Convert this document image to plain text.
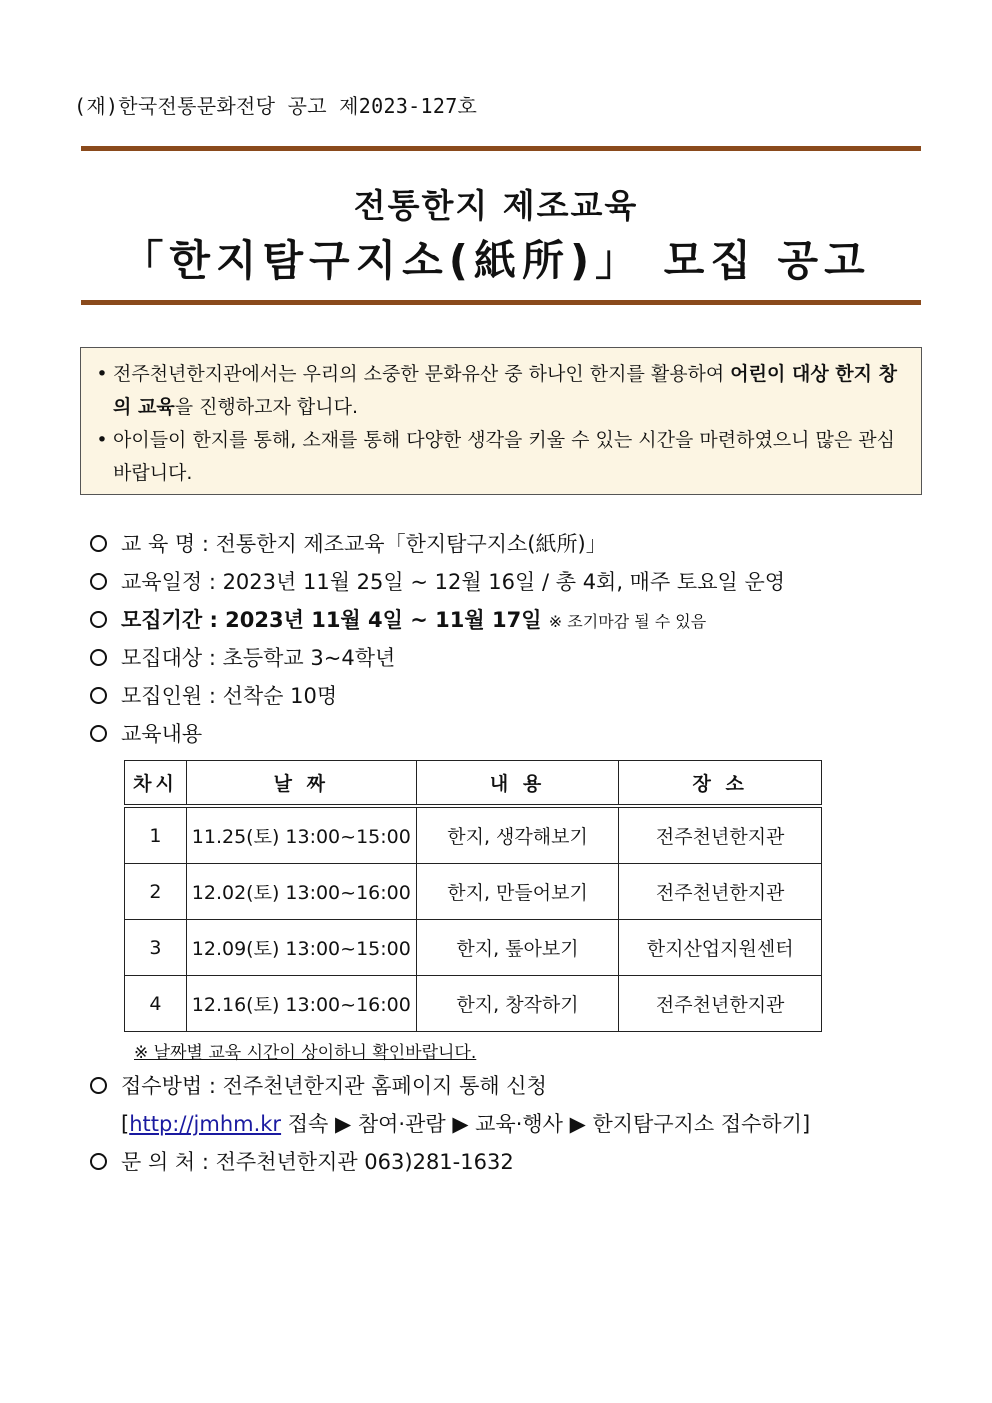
(재)한국전통문화전당 공고 제2023-127호
전통한지 제조교육
「한지탐구지소(紙所)」 모집 공고
• 전주천년한지관에서는 우리의 소중한 문화유산 중 하나인 한지를 활용하여 어린이 대상 한지 창의 교육을 진행하고자 합니다.
• 아이들이 한지를 통해, 소재를 통해 다양한 생각을 키울 수 있는 시간을 마련하였으니 많은 관심 바랍니다.
교 육 명 : 전통한지 제조교육「한지탐구지소(紙所)」
교육일정 : 2023년 11월 25일 ~ 12월 16일 / 총 4회, 매주 토요일 운영
모집기간 : 2023년 11월 4일 ~ 11월 17일 ※ 조기마감 될 수 있음
모집대상 : 초등학교 3~4학년
모집인원 : 선착순 10명
교육내용
차시	날 짜	내 용	장 소
1	11.25(토) 13:00~15:00	한지, 생각해보기	전주천년한지관
2	12.02(토) 13:00~16:00	한지, 만들어보기	전주천년한지관
3	12.09(토) 13:00~15:00	한지, 톺아보기	한지산업지원센터
4	12.16(토) 13:00~16:00	한지, 창작하기	전주천년한지관
※ 날짜별 교육 시간이 상이하니 확인바랍니다.
접수방법 : 전주천년한지관 홈페이지 통해 신청
[http://jmhm.kr 접속 ▶ 참여·관람 ▶ 교육·행사 ▶ 한지탐구지소 접수하기]
문 의 처 : 전주천년한지관 063)281-1632
